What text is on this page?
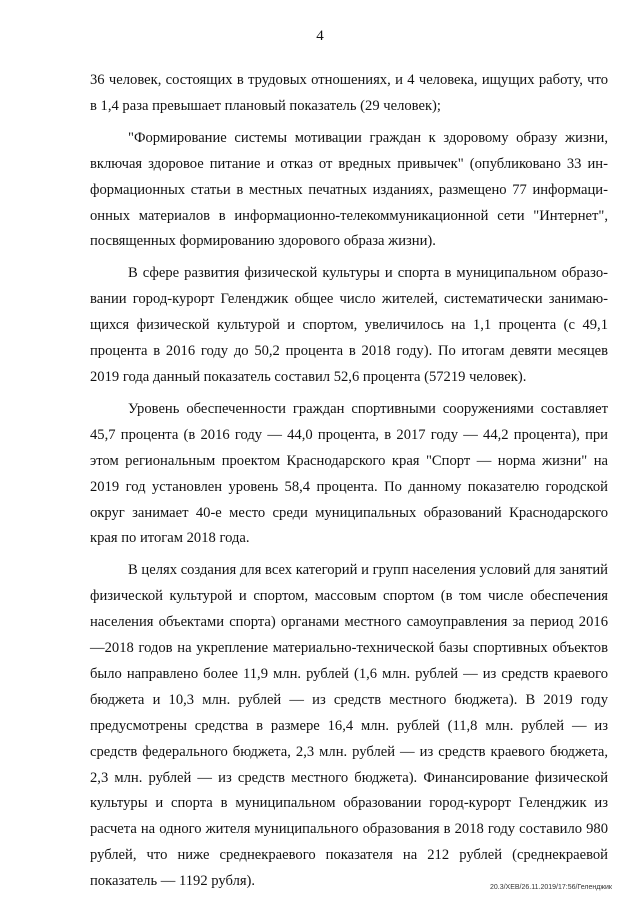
4

36 человек, состоящих в трудовых отношениях, и 4 человека, ищущих работу, что в 1,4 раза превышает плановый показатель (29 человек);

"Формирование системы мотивации граждан к здоровому образу жизни, включая здоровое питание и отказ от вредных привычек" (опубликовано 33 информационных статьи в местных печатных изданиях, размещено 77 информационных материалов в информационно-телекоммуникационной сети "Интернет", посвященных формированию здорового образа жизни).

В сфере развития физической культуры и спорта в муниципальном образовании город-курорт Геленджик общее число жителей, систематически занимающихся физической культурой и спортом, увеличилось на 1,1 процента (с 49,1 процента в 2016 году до 50,2 процента в 2018 году). По итогам девяти месяцев 2019 года данный показатель составил 52,6 процента (57219 человек).

Уровень обеспеченности граждан спортивными сооружениями составляет 45,7 процента (в 2016 году — 44,0 процента, в 2017 году — 44,2 процента), при этом региональным проектом Краснодарского края "Спорт — норма жизни" на 2019 год установлен уровень 58,4 процента. По данному показателю городской округ занимает 40-е место среди муниципальных образований Краснодарского края по итогам 2018 года.

В целях создания для всех категорий и групп населения условий для занятий физической культурой и спортом, массовым спортом (в том числе обеспечения населения объектами спорта) органами местного самоуправления за период 2016—2018 годов на укрепление материально-технической базы спортивных объектов было направлено более 11,9 млн. рублей (1,6 млн. рублей — из средств краевого бюджета и 10,3 млн. рублей — из средств местного бюджета). В 2019 году предусмотрены средства в размере 16,4 млн. рублей (11,8 млн. рублей — из средств федерального бюджета, 2,3 млн. рублей — из средств краевого бюджета, 2,3 млн. рублей — из средств местного бюджета). Финансирование физической культуры и спорта в муниципальном образовании город-курорт Геленджик из расчета на одного жителя муниципального образования в 2018 году составило 980 рублей, что ниже среднекраевого показателя на 212 рублей (среднекраевой показатель — 1192 рубля).	20.3/XEB/26.11.2019/17:56/Геленджик
